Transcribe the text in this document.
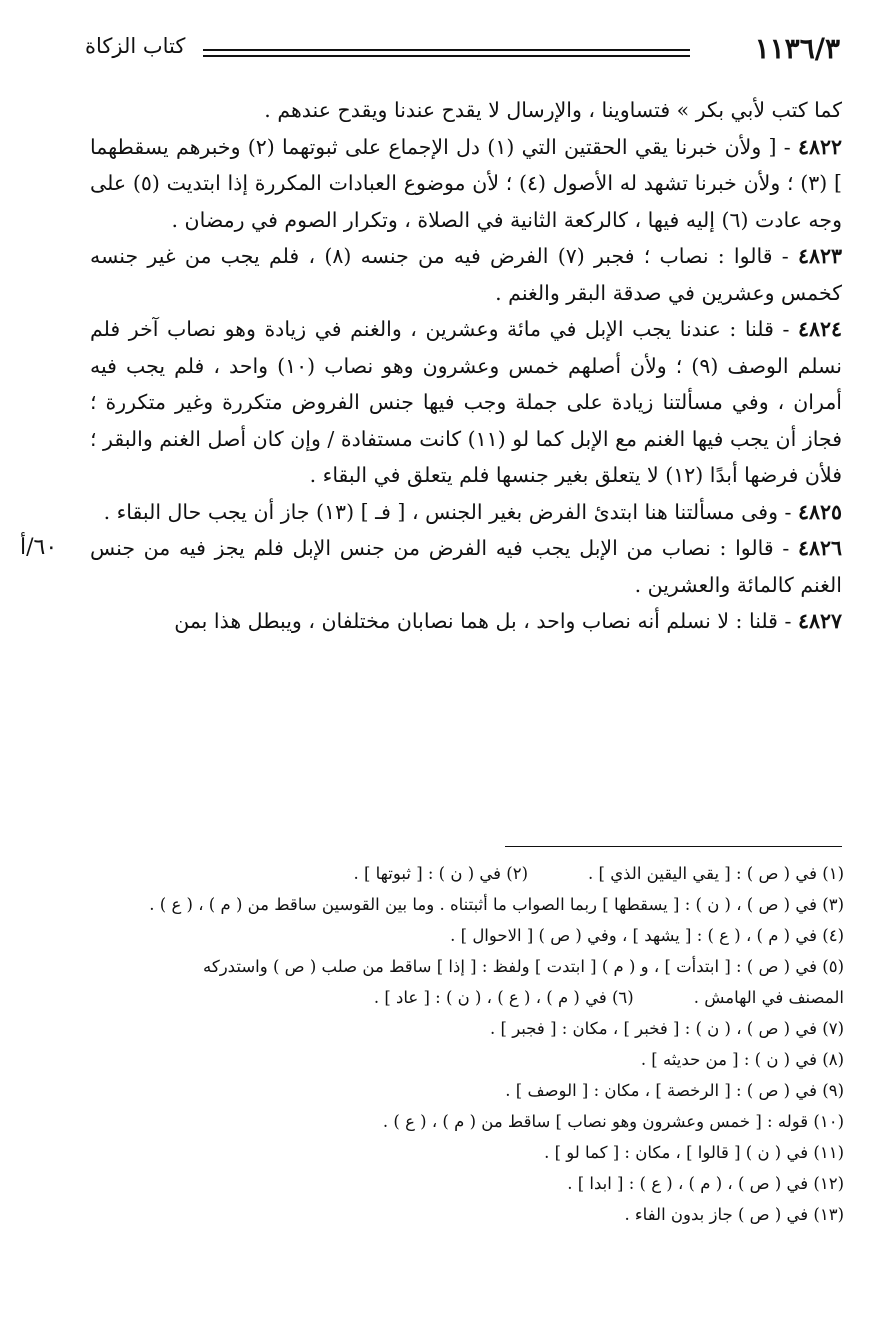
١١٣٦/٣
كتاب الزكاة
٦٠/أ

كما كتب لأبي بكر » فتساوينا ، والإرسال لا يقدح عندنا ويقدح عندهم .

٤٨٢٢ - [ ولأن خبرنا يقي الحقتين التي (١) دل الإجماع على ثبوتهما (٢) وخبرهم يسقطهما ] (٣) ؛ ولأن خبرنا تشهد له الأصول (٤) ؛ لأن موضوع العبادات المكررة إذا ابتديت (٥) على وجه عادت (٦) إليه فيها ، كالركعة الثانية في الصلاة ، وتكرار الصوم في رمضان .

٤٨٢٣ - قالوا : نصاب ؛ فجبر (٧) الفرض فيه من جنسه (٨) ، فلم يجب من غير جنسه كخمس وعشرين في صدقة البقر والغنم .

٤٨٢٤ - قلنا : عندنا يجب الإبل في مائة وعشرين ، والغنم في زيادة وهو نصاب آخر فلم نسلم الوصف (٩) ؛ ولأن أصلهم خمس وعشرون وهو نصاب (١٠) واحد ، فلم يجب فيه أمران ، وفي مسألتنا زيادة على جملة وجب فيها جنس الفروض متكررة وغير متكررة ؛ فجاز أن يجب فيها الغنم مع الإبل كما لو (١١) كانت مستفادة / وإن كان أصل الغنم والبقر ؛ فلأن فرضها أبدًا (١٢) لا يتعلق بغير جنسها فلم يتعلق في البقاء .

٤٨٢٥ - وفى مسألتنا هنا ابتدئ الفرض بغير الجنس ، [ فـ ] (١٣) جاز أن يجب حال البقاء .

٤٨٢٦ - قالوا : نصاب من الإبل يجب فيه الفرض من جنس الإبل فلم يجز فيه من جنس الغنم كالمائة والعشرين .

٤٨٢٧ - قلنا : لا نسلم أنه نصاب واحد ، بل هما نصابان مختلفان ، ويبطل هذا بمن

(١) في ( ص ) : [ يقي اليقين الذي ] .

(٢) في ( ن ) : [ ثبوتها ] .

(٣) في ( ص ) ، ( ن ) : [ يسقطها ] ربما الصواب ما أثبتناه . وما بين القوسين ساقط من ( م ) ، ( ع ) .

(٤) في ( م ) ، ( ع ) : [ يشهد ] ، وفي ( ص ) [ الاحوال ] .

(٥) في ( ص ) : [ ابتدأت ] ، و ( م ) [ ابتدت ] ولفظ : [ إذا ] ساقط من صلب ( ص ) واستدركه

المصنف في الهامش .

(٦) في ( م ) ، ( ع ) ، ( ن ) : [ عاد ] .

(٧) في ( ص ) ، ( ن ) : [ فخبر ] ، مكان : [ فجبر ] .

(٨) في ( ن ) : [ من حديثه ] .

(٩) في ( ص ) : [ الرخصة ] ، مكان : [ الوصف ] .

(١٠) قوله : [ خمس وعشرون وهو نصاب ] ساقط من ( م ) ، ( ع ) .

(١١) في ( ن ) [ قالوا ] ، مكان : [ كما لو ] .

(١٢) في ( ص ) ، ( م ) ، ( ع ) : [ ابدا ] .

(١٣) في ( ص ) جاز بدون الفاء .
